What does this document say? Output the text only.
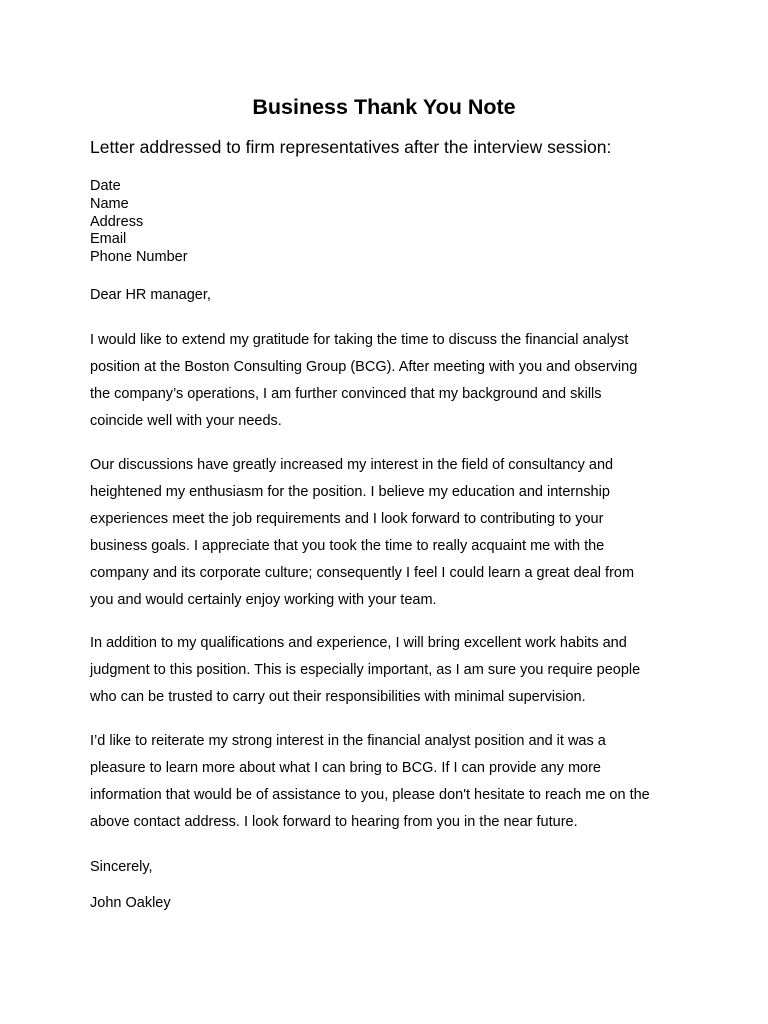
Business Thank You Note

Letter addressed to firm representatives after the interview session:

Date
Name
Address
Email
Phone Number

Dear HR manager,

I would like to extend my gratitude for taking the time to discuss the financial analyst
position at the Boston Consulting Group (BCG). After meeting with you and observing
the company’s operations, I am further convinced that my background and skills
coincide well with your needs.

Our discussions have greatly increased my interest in the field of consultancy and
heightened my enthusiasm for the position. I believe my education and internship
experiences meet the job requirements and I look forward to contributing to your
business goals. I appreciate that you took the time to really acquaint me with the
company and its corporate culture; consequently I feel I could learn a great deal from
you and would certainly enjoy working with your team.

In addition to my qualifications and experience, I will bring excellent work habits and
judgment to this position. This is especially important, as I am sure you require people
who can be trusted to carry out their responsibilities with minimal supervision.

I’d like to reiterate my strong interest in the financial analyst position and it was a
pleasure to learn more about what I can bring to BCG. If I can provide any more
information that would be of assistance to you, please don't hesitate to reach me on the
above contact address. I look forward to hearing from you in the near future.

Sincerely,

John Oakley
